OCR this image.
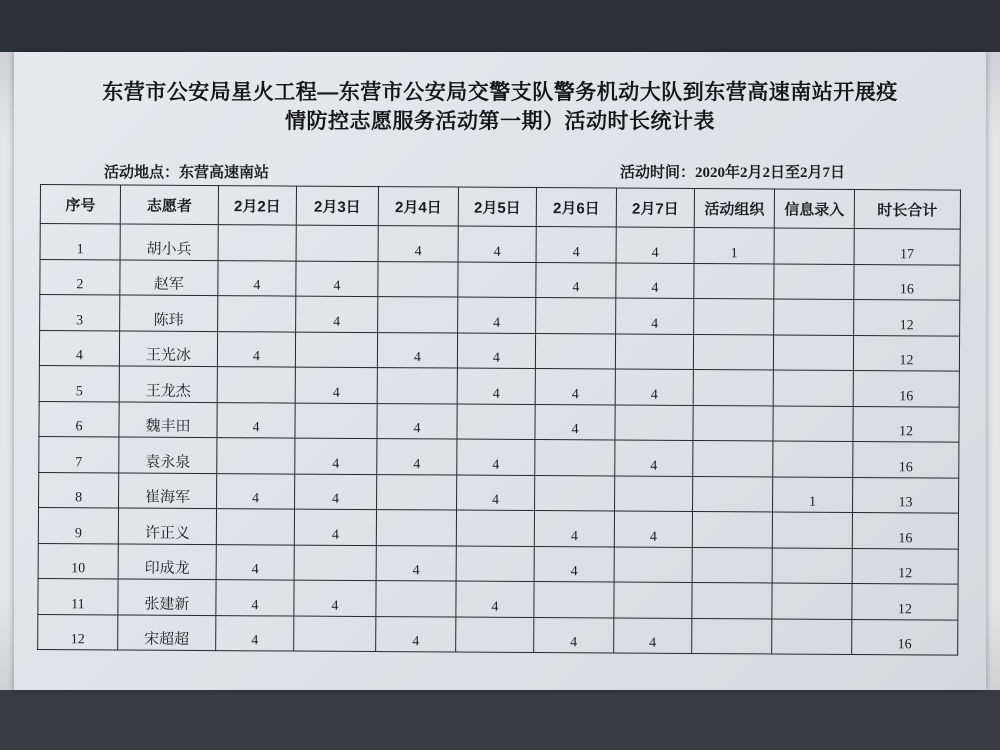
东营市公安局星火工程—东营市公安局交警支队警务机动大队到东营高速南站开展疫
情防控志愿服务活动第一期）活动时长统计表
活动地点：东营高速南站	活动时间：2020年2月2日至2月7日
序号	志愿者	2月2日	2月3日	2月4日	2月5日	2月6日	2月7日	活动组织	信息录入	时长合计
1	胡小兵			4	4	4	4	1		17
2	赵军	4	4			4	4			16
3	陈玮		4		4		4			12
4	王光冰	4		4	4					12
5	王龙杰		4		4	4	4			16
6	魏丰田	4		4		4				12
7	袁永泉		4	4	4		4			16
8	崔海军	4	4		4				1	13
9	许正义		4			4	4			16
10	印成龙	4		4		4				12
11	张建新	4	4		4					12
12	宋超超	4		4		4	4			16
